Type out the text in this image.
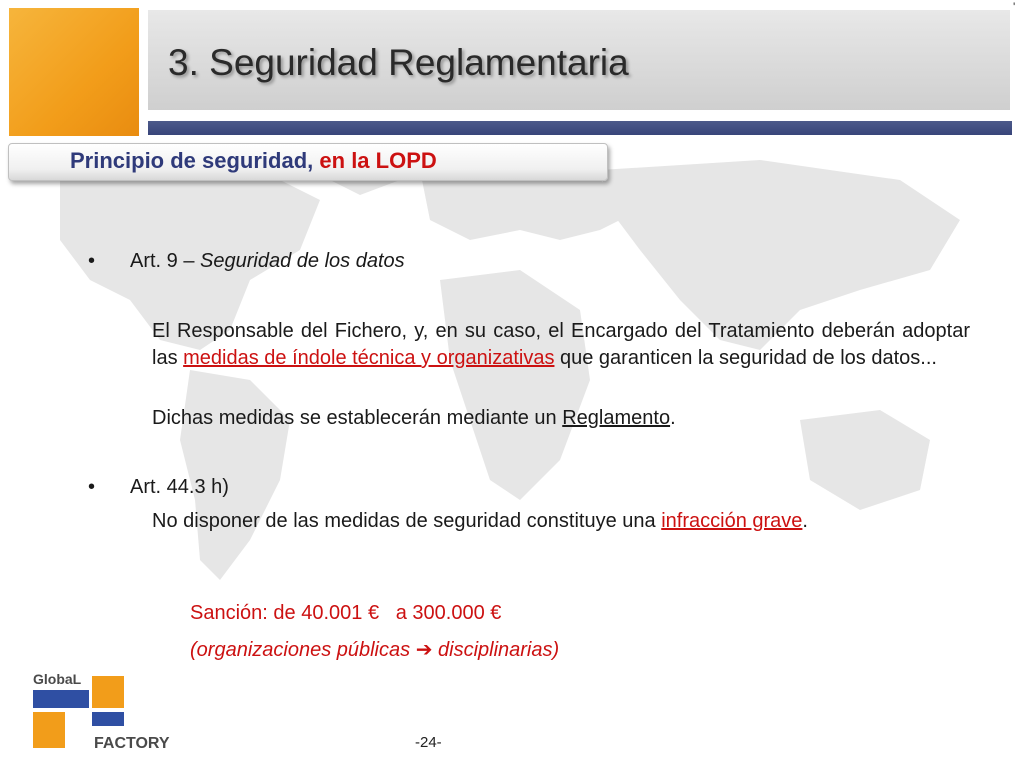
3. Seguridad Reglamentaria
'
Principio de seguridad, en la LOPD
• Art. 9 – Seguridad de los datos
El Responsable del Fichero, y, en su caso, el Encargado del Tratamiento deberán adoptar las medidas de índole técnica y organizativas que garanticen la seguridad de los datos...
Dichas medidas se establecerán mediante un Reglamento.
• Art. 44.3 h)
No disponer de las medidas de seguridad constituye una infracción grave.
Sanción: de 40.001 €   a 300.000 €
(organizaciones públicas ➔ disciplinarias)
GlobaL
FACTORY	-24-
